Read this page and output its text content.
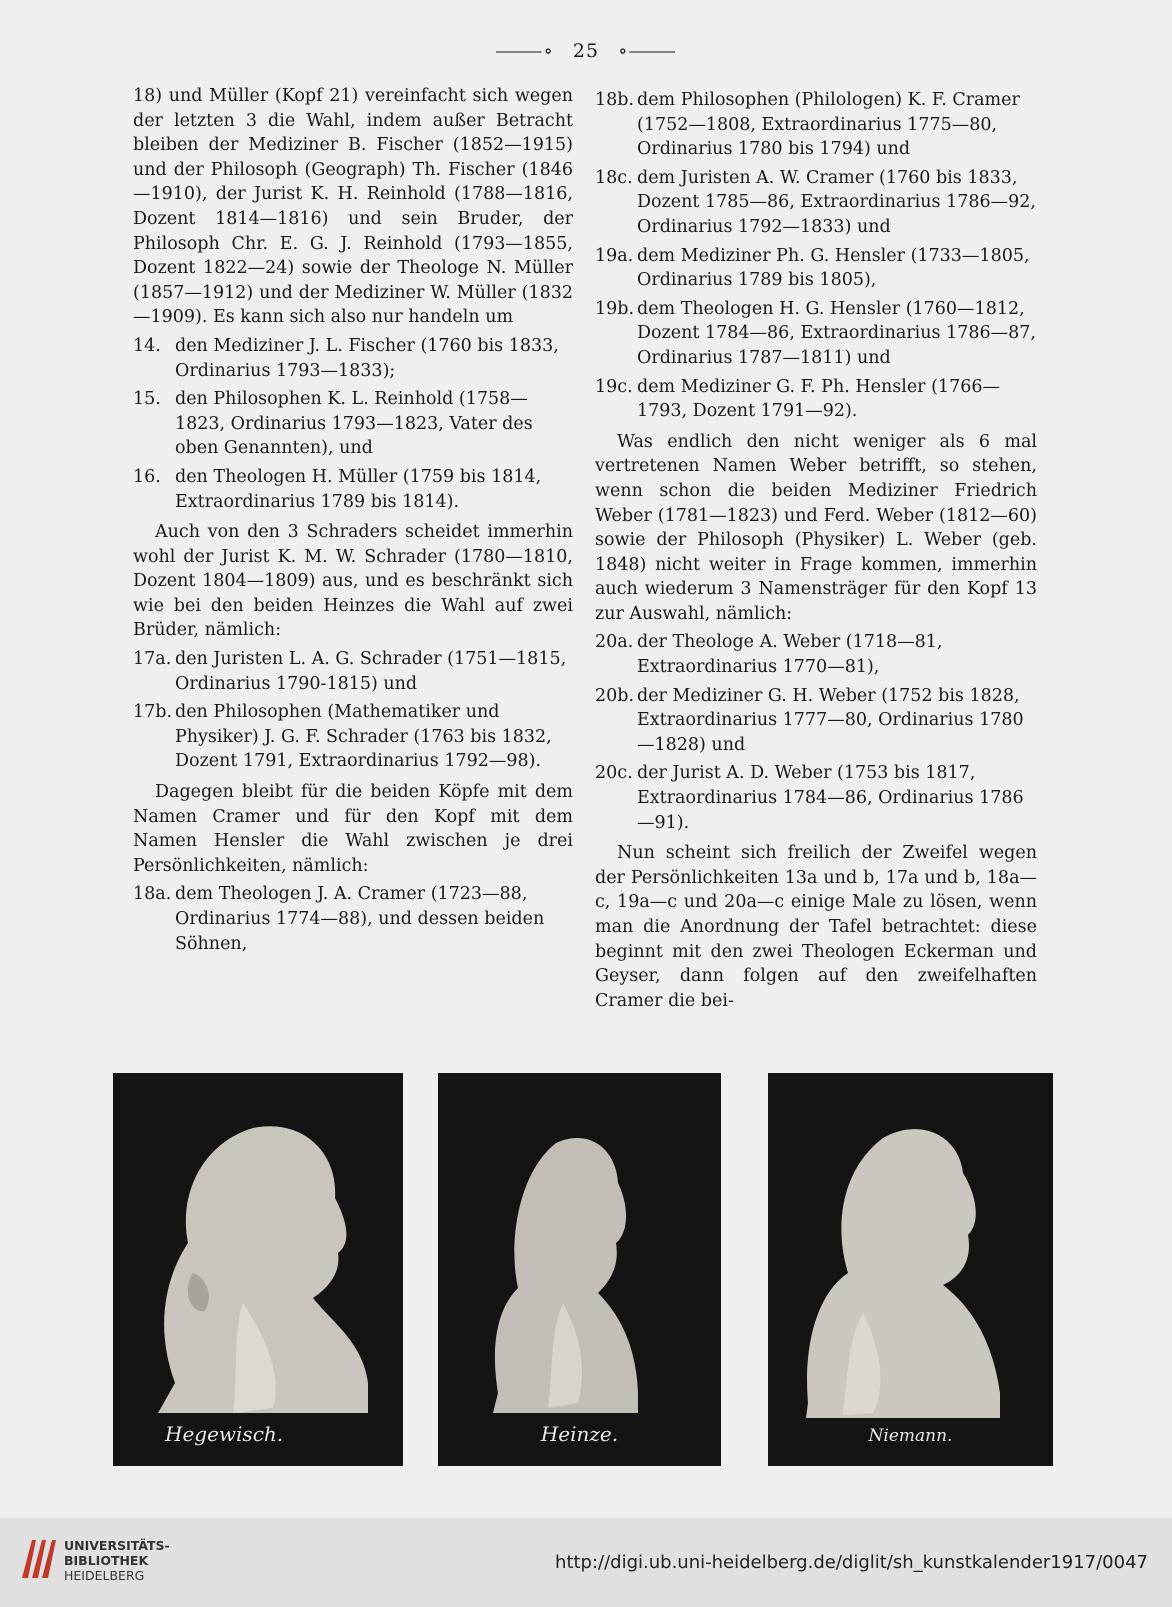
⸻∘ 25 ∘⸻

18) und Müller (Kopf 21) vereinfacht sich wegen der letzten 3 die Wahl, indem außer Betracht bleiben der Mediziner B. Fischer (1852—1915) und der Philosoph (Geograph) Th. Fischer (1846—1910), der Jurist K. H. Reinhold (1788—1816, Dozent 1814—1816) und sein Bruder, der Philosoph Chr. E. G. J. Reinhold (1793—1855, Dozent 1822—24) sowie der Theologe N. Müller (1857—1912) und der Mediziner W. Müller (1832—1909). Es kann sich also nur handeln um

14. den Mediziner J. L. Fischer (1760 bis 1833, Ordinarius 1793—1833);
15. den Philosophen K. L. Reinhold (1758—1823, Ordinarius 1793—1823, Vater des oben Genannten), und
16. den Theologen H. Müller (1759 bis 1814, Extraordinarius 1789 bis 1814).

Auch von den 3 Schraders scheidet immerhin wohl der Jurist K. M. W. Schrader (1780—1810, Dozent 1804—1809) aus, und es beschränkt sich wie bei den beiden Heinzes die Wahl auf zwei Brüder, nämlich:

17a. den Juristen L. A. G. Schrader (1751—1815, Ordinarius 1790-1815) und
17b. den Philosophen (Mathematiker und Physiker) J. G. F. Schrader (1763 bis 1832, Dozent 1791, Extraordinarius 1792—98).

Dagegen bleibt für die beiden Köpfe mit dem Namen Cramer und für den Kopf mit dem Namen Hensler die Wahl zwischen je drei Persönlichkeiten, nämlich:

18a. dem Theologen J. A. Cramer (1723—88, Ordinarius 1774—88), und dessen beiden Söhnen,
18b. dem Philosophen (Philologen) K. F. Cramer (1752—1808, Extraordinarius 1775—80, Ordinarius 1780 bis 1794) und
18c. dem Juristen A. W. Cramer (1760 bis 1833, Dozent 1785—86, Extraordinarius 1786—92, Ordinarius 1792—1833) und
19a. dem Mediziner Ph. G. Hensler (1733—1805, Ordinarius 1789 bis 1805),
19b. dem Theologen H. G. Hensler (1760—1812, Dozent 1784—86, Extraordinarius 1786—87, Ordinarius 1787—1811) und
19c. dem Mediziner G. F. Ph. Hensler (1766—1793, Dozent 1791—92).

Was endlich den nicht weniger als 6 mal vertretenen Namen Weber betrifft, so stehen, wenn schon die beiden Mediziner Friedrich Weber (1781—1823) und Ferd. Weber (1812—60) sowie der Philosoph (Physiker) L. Weber (geb. 1848) nicht weiter in Frage kommen, immerhin auch wiederum 3 Namensträger für den Kopf 13 zur Auswahl, nämlich:

20a. der Theologe A. Weber (1718—81, Extraordinarius 1770—81),
20b. der Mediziner G. H. Weber (1752 bis 1828, Extraordinarius 1777—80, Ordinarius 1780—1828) und
20c. der Jurist A. D. Weber (1753 bis 1817, Extraordinarius 1784—86, Ordinarius 1786—91).

Nun scheint sich freilich der Zweifel wegen der Persönlichkeiten 13a und b, 17a und b, 18a—c, 19a—c und 20a—c einige Male zu lösen, wenn man die Anordnung der Tafel betrachtet: diese beginnt mit den zwei Theologen Eckerman und Geyser, dann folgen auf den zweifelhaften Cramer die bei-

Hegewisch.	Heinze.	Niemann.
UNIVERSITÄTS-
BIBLIOTHEK
HEIDELBERG
http://digi.ub.uni-heidelberg.de/diglit/sh_kunstkalender1917/0047
